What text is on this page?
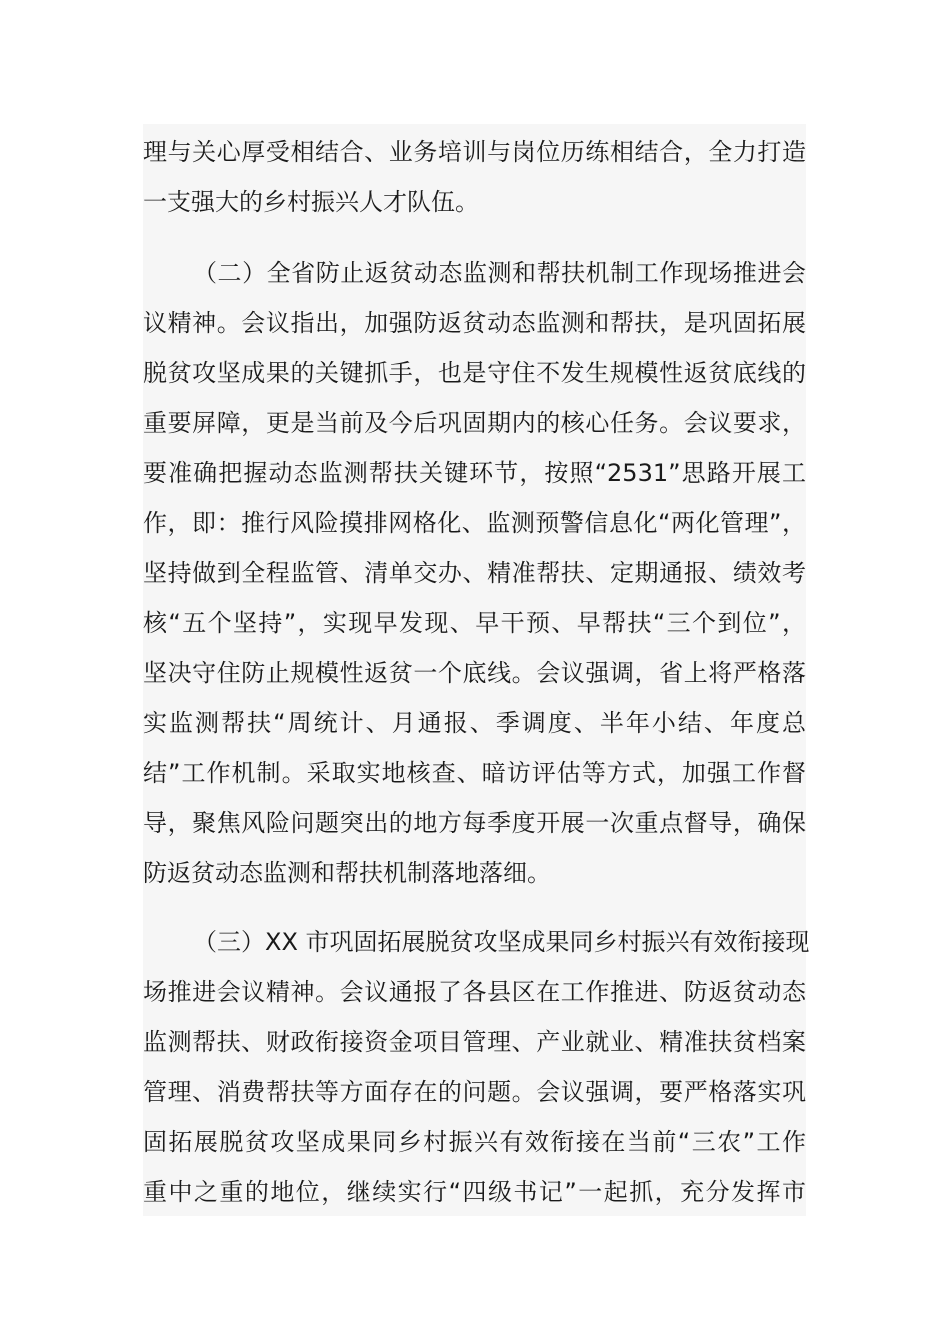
理与关心厚受相结合、业务培训与岗位历练相结合，全力打造
一支强大的乡村振兴人才队伍。
（二）全省防止返贫动态监测和帮扶机制工作现场推进会
议精神。会议指出，加强防返贫动态监测和帮扶，是巩固拓展
脱贫攻坚成果的关键抓手，也是守住不发生规模性返贫底线的
重要屏障，更是当前及今后巩固期内的核心任务。会议要求，
要准确把握动态监测帮扶关键环节，按照“2531”思路开展工
作，即：推行风险摸排网格化、监测预警信息化“两化管理”，
坚持做到全程监管、清单交办、精准帮扶、定期通报、绩效考
核“五个坚持”，实现早发现、早干预、早帮扶“三个到位”，
坚决守住防止规模性返贫一个底线。会议强调，省上将严格落
实监测帮扶“周统计、月通报、季调度、半年小结、年度总
结”工作机制。采取实地核查、暗访评估等方式，加强工作督
导，聚焦风险问题突出的地方每季度开展一次重点督导，确保
防返贫动态监测和帮扶机制落地落细。
（三）XX 市巩固拓展脱贫攻坚成果同乡村振兴有效衔接现
场推进会议精神。会议通报了各县区在工作推进、防返贫动态
监测帮扶、财政衔接资金项目管理、产业就业、精准扶贫档案
管理、消费帮扶等方面存在的问题。会议强调，要严格落实巩
固拓展脱贫攻坚成果同乡村振兴有效衔接在当前“三农”工作
重中之重的地位，继续实行“四级书记”一起抓，充分发挥市
